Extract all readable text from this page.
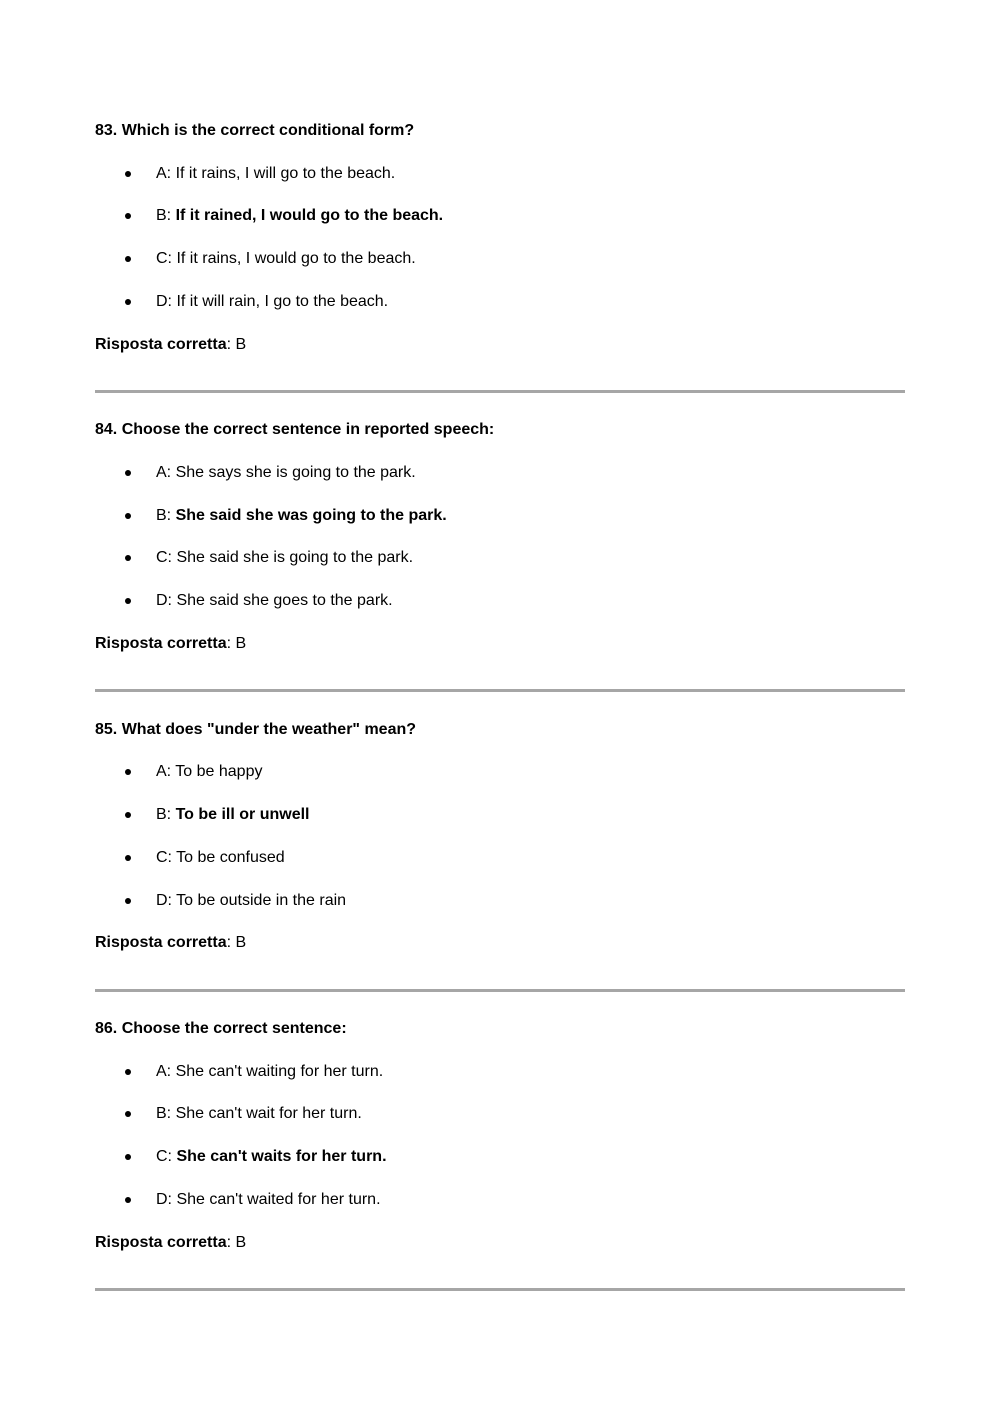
83. Which is the correct conditional form?
A: If it rains, I will go to the beach.
B: If it rained, I would go to the beach.
C: If it rains, I would go to the beach.
D: If it will rain, I go to the beach.
Risposta corretta: B
84. Choose the correct sentence in reported speech:
A: She says she is going to the park.
B: She said she was going to the park.
C: She said she is going to the park.
D: She said she goes to the park.
Risposta corretta: B
85. What does "under the weather" mean?
A: To be happy
B: To be ill or unwell
C: To be confused
D: To be outside in the rain
Risposta corretta: B
86. Choose the correct sentence:
A: She can't waiting for her turn.
B: She can't wait for her turn.
C: She can't waits for her turn.
D: She can't waited for her turn.
Risposta corretta: B
